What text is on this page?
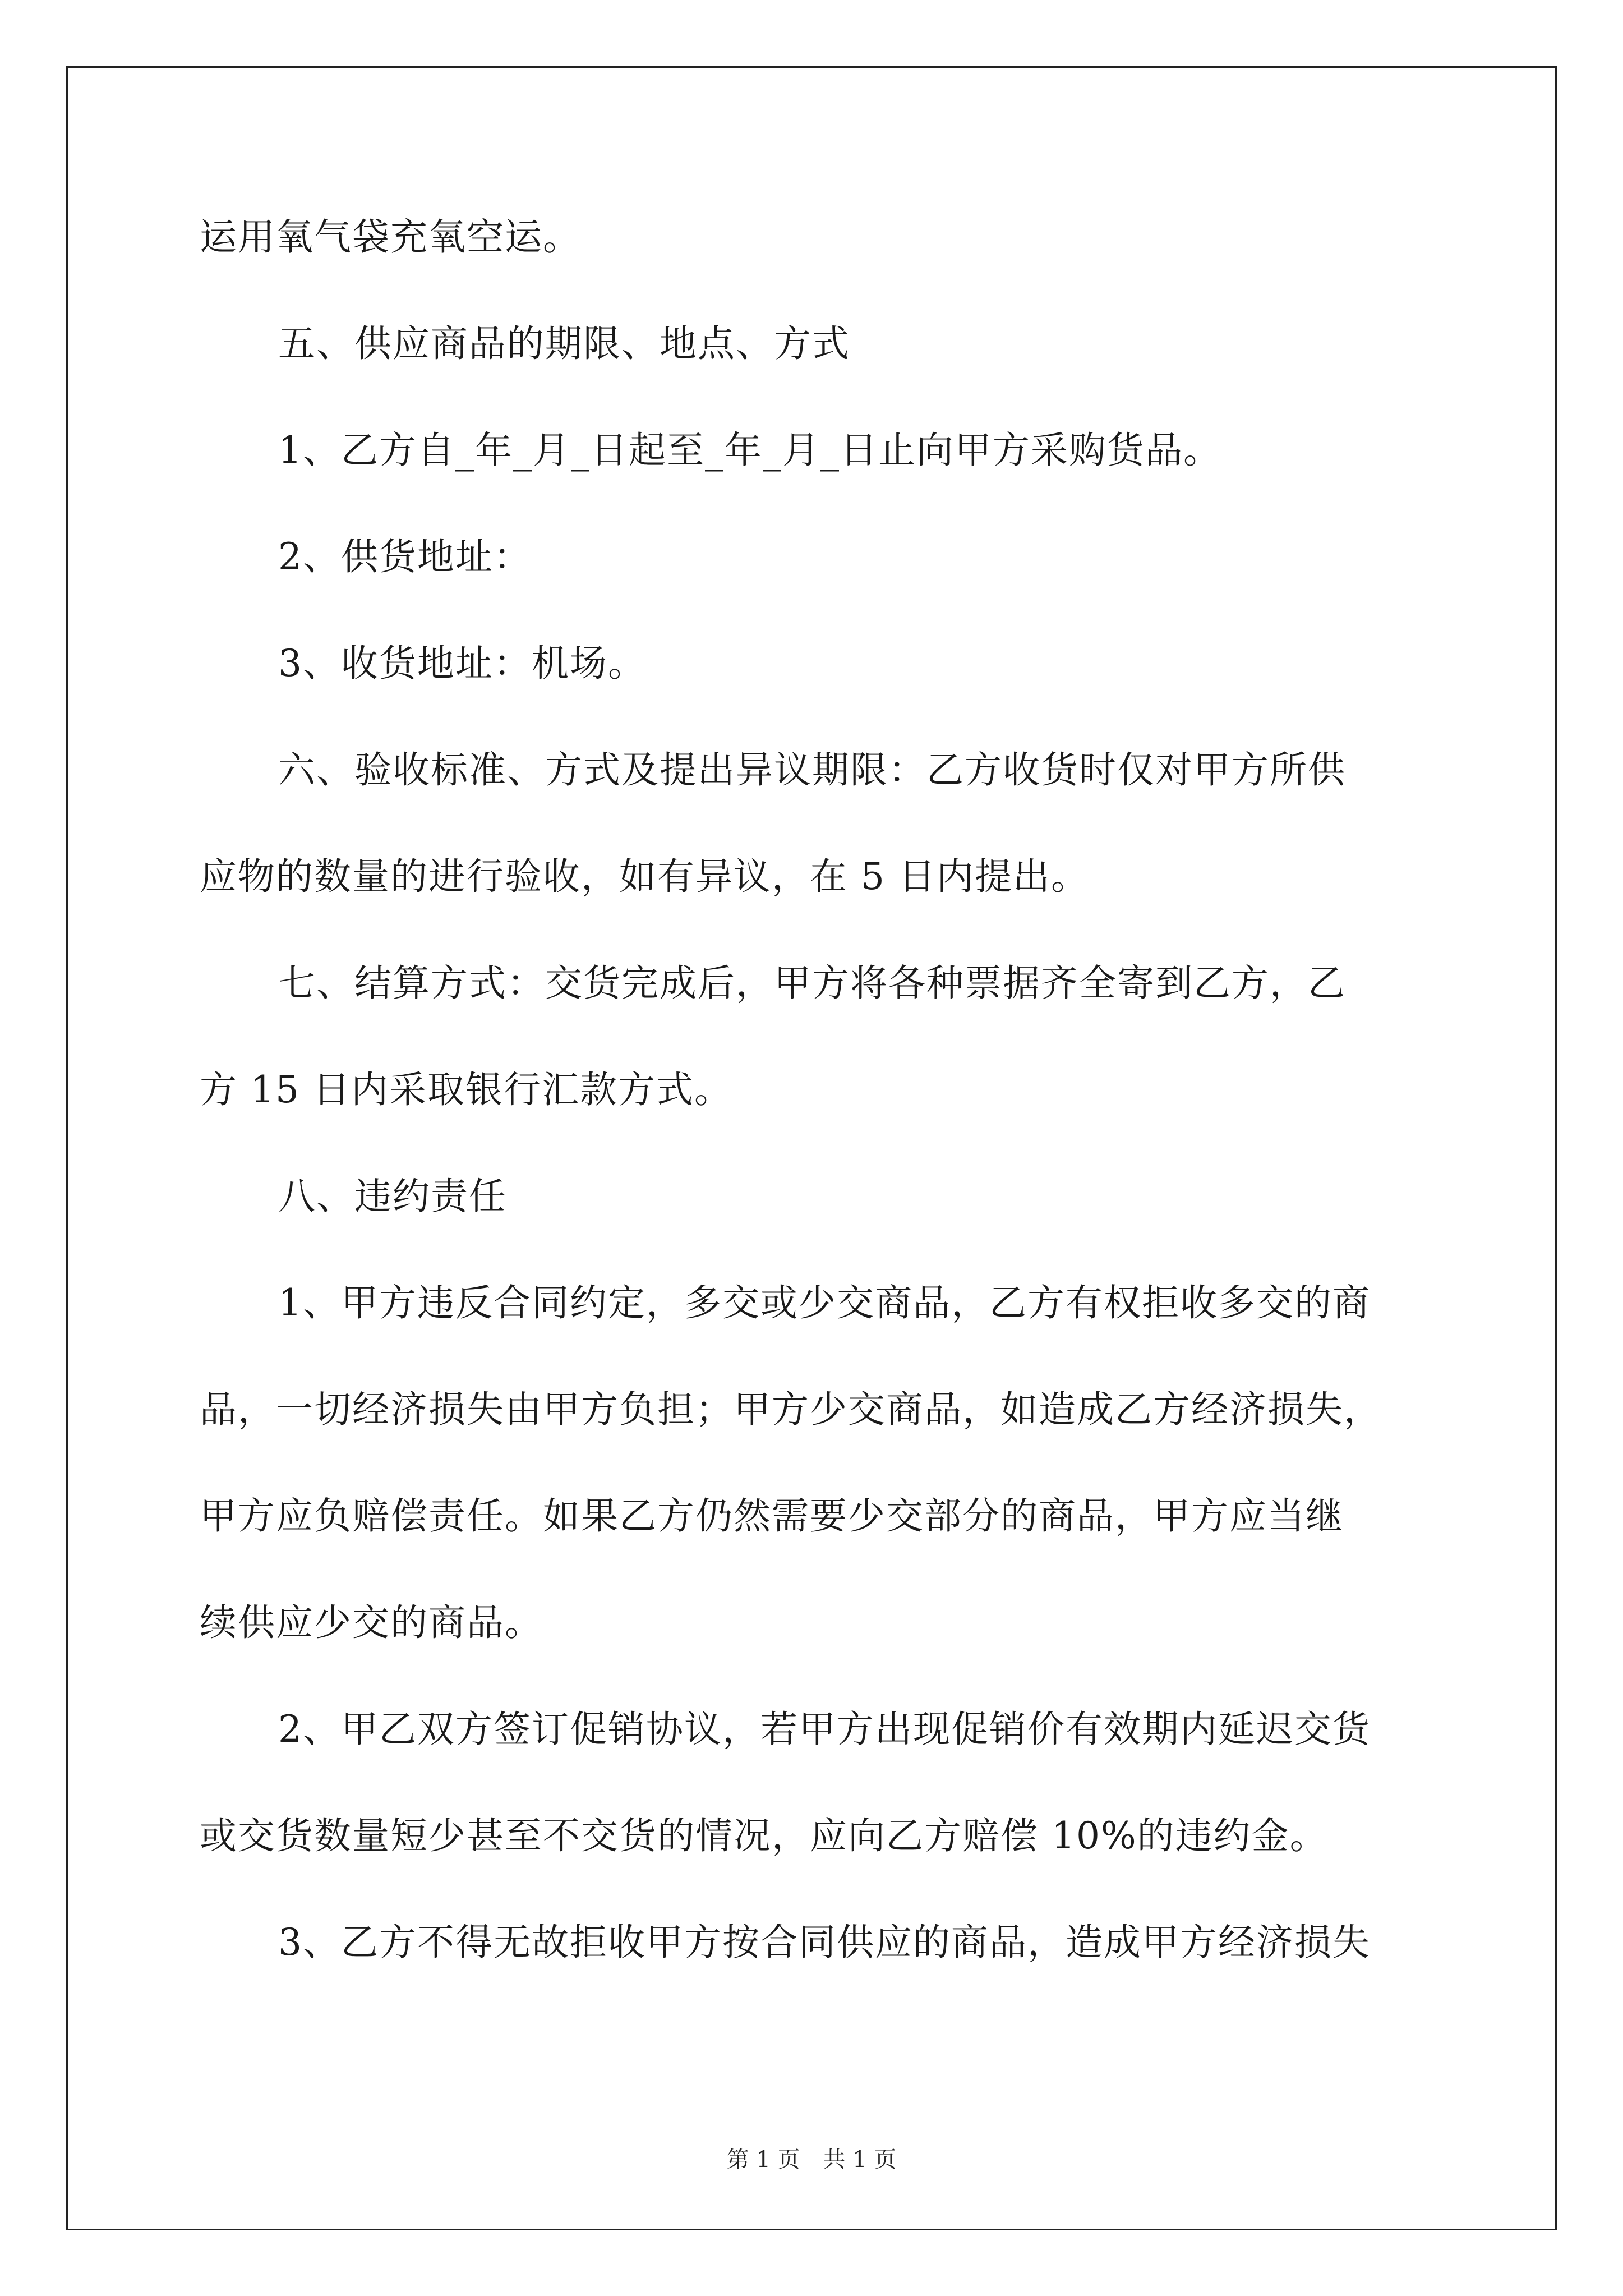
运用氧气袋充氧空运。

五、供应商品的期限、地点、方式

1、乙方自_年_月_日起至_年_月_日止向甲方采购货品。

2、供货地址：

3、收货地址：机场。

六、验收标准、方式及提出异议期限：乙方收货时仅对甲方所供

应物的数量的进行验收，如有异议，在 5 日内提出。

七、结算方式：交货完成后，甲方将各种票据齐全寄到乙方，乙

方 15 日内采取银行汇款方式。

八、违约责任

1、甲方违反合同约定，多交或少交商品，乙方有权拒收多交的商

品，一切经济损失由甲方负担；甲方少交商品，如造成乙方经济损失，

甲方应负赔偿责任。如果乙方仍然需要少交部分的商品，甲方应当继

续供应少交的商品。

2、甲乙双方签订促销协议，若甲方出现促销价有效期内延迟交货

或交货数量短少甚至不交货的情况，应向乙方赔偿 10%的违约金。

3、乙方不得无故拒收甲方按合同供应的商品，造成甲方经济损失

第 1 页 共 1 页
